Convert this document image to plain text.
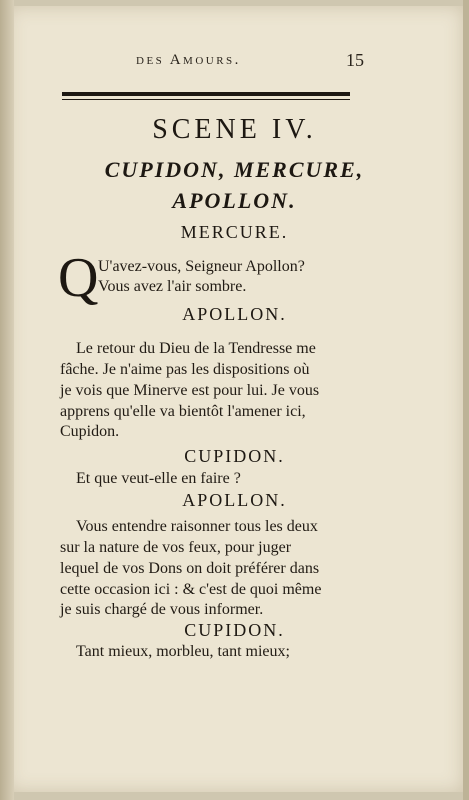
des Amours.	15
SCENE IV.
CUPIDON, MERCURE,
APOLLON.
MERCURE.
Q U'avez-vous, Seigneur Apollon?
Vous avez l'air sombre.
APOLLON.
Le retour du Dieu de la Tendresse me
fâche. Je n'aime pas les dispositions où
je vois que Minerve est pour lui. Je vous
apprens qu'elle va bientôt l'amener ici,
Cupidon.
CUPIDON.
Et que veut-elle en faire ?
APOLLON.
Vous entendre raisonner tous les deux
sur la nature de vos feux, pour juger
lequel de vos Dons on doit préférer dans
cette occasion ici : & c'est de quoi même
je suis chargé de vous informer.
CUPIDON.
Tant mieux, morbleu, tant mieux;
